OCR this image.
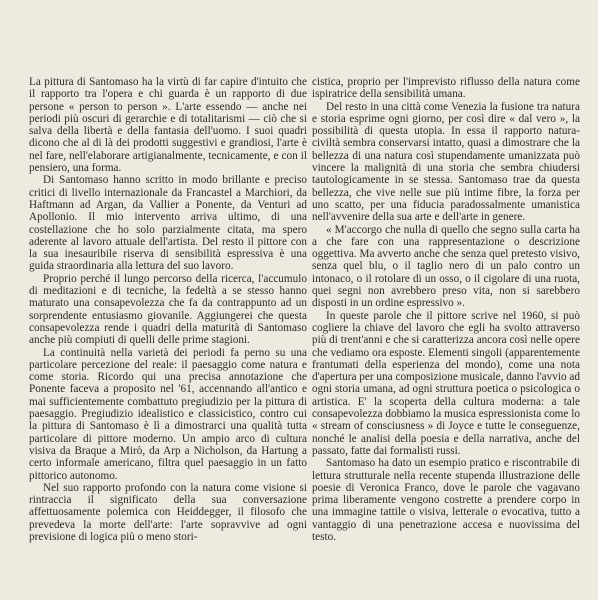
La pittura di Santomaso ha la virtù di far capire d'intuito che il rapporto tra l'opera e chi guarda è un rapporto di due persone « person to person ». L'arte essendo — anche nei periodi più oscuri di gerarchie e di totalitarismi — ciò che si salva della libertà e della fantasia dell'uomo. I suoi quadri dicono che al di là dei prodotti suggestivi e grandiosi, l'arte è nel fare, nell'elaborare artigianalmente, tecnicamente, e con il pensiero, una forma.

Di Santomaso hanno scritto in modo brillante e preciso critici di livello internazionale da Francastel a Marchiori, da Haftmann ad Argan, da Vallier a Ponente, da Venturi ad Apollonio. Il mio intervento arriva ultimo, di una costellazione che ho solo parzialmente citata, ma spero aderente al lavoro attuale dell'artista. Del resto il pittore con la sua inesauribile riserva di sensibilità espressiva è una guida straordinaria alla lettura del suo lavoro.

Proprio perché il lungo percorso della ricerca, l'accumulo di meditazioni e di tecniche, la fedeltà a se stesso hanno maturato una consapevolezza che fa da contrappunto ad un sorprendente entusiasmo giovanile. Aggiungerei che questa consapevolezza rende i quadri della maturità di Santomaso anche più compiuti di quelli delle prime stagioni.

La continuità nella varietà dei periodi fa perno su una particolare percezione del reale: il paesaggio come natura e come storia. Ricordo qui una precisa annotazione che Ponente faceva a proposito nel '61, accennando all'antico e mai sufficientemente combattuto pregiudizio per la pittura di paesaggio. Pregiudizio idealistico e classicistico, contro cui la pittura di Santomaso è lì a dimostrarci una qualità tutta particolare di pittore moderno. Un ampio arco di cultura visiva da Braque a Mirò, da Arp a Nicholson, da Hartung a certo informale americano, filtra quel paesaggio in un fatto pittorico autonomo.

Nel suo rapporto profondo con la natura come visione si rintraccia il significato della sua conversazione affettuosamente polemica con Heiddegger, il filosofo che prevedeva la morte dell'arte: l'arte sopravvive ad ogni previsione di logica più o meno stori-

cistica, proprio per l'imprevisto riflusso della natura come ispiratrice della sensibilità umana.

Del resto in una città come Venezia la fusione tra natura e storia esprime ogni giorno, per così dire « dal vero », la possibilità di questa utopia. In essa il rapporto natura-civiltà sembra conservarsi intatto, quasi a dimostrare che la bellezza di una natura così stupendamente umanizzata può vincere la malignità di una storia che sembra chiudersi tautologicamente in se stessa. Santomaso trae da questa bellezza, che vive nelle sue più intime fibre, la forza per uno scatto, per una fiducia paradossalmente umanistica nell'avvenire della sua arte e dell'arte in genere.

« M'accorgo che nulla di quello che segno sulla carta ha a che fare con una rappresentazione o descrizione oggettiva. Ma avverto anche che senza quel pretesto visivo, senza quel blu, o il taglio nero di un palo contro un intonaco, o il rotolare di un osso, o il cigolare di una ruota, quei segni non avrebbero preso vita, non si sarebbero disposti in un ordine espressivo ».

In queste parole che il pittore scrive nel 1960, si può cogliere la chiave del lavoro che egli ha svolto attraverso più di trent'anni e che si caratterizza ancora così nelle opere che vediamo ora esposte. Elementi singoli (apparentemente frantumati della esperienza del mondo), come una nota d'apertura per una composizione musicale, danno l'avvio ad ogni storia umana, ad ogni struttura poetica o psicologica o artistica. E' la scoperta della cultura moderna: a tale consapevolezza dobbiamo la musica espressionista come lo « stream of consciusness » di Joyce e tutte le conseguenze, nonché le analisi della poesia e della narrativa, anche del passato, fatte dai formalisti russi.

Santomaso ha dato un esempio pratico e riscontrabile di lettura strutturale nella recente stupenda illustrazione delle poesie di Veronica Franco, dove le parole che vagavano prima liberamente vengono costrette a prendere corpo in una immagine tattile o visiva, letterale o evocativa, tutto a vantaggio di una penetrazione accesa e nuovissima del testo.
